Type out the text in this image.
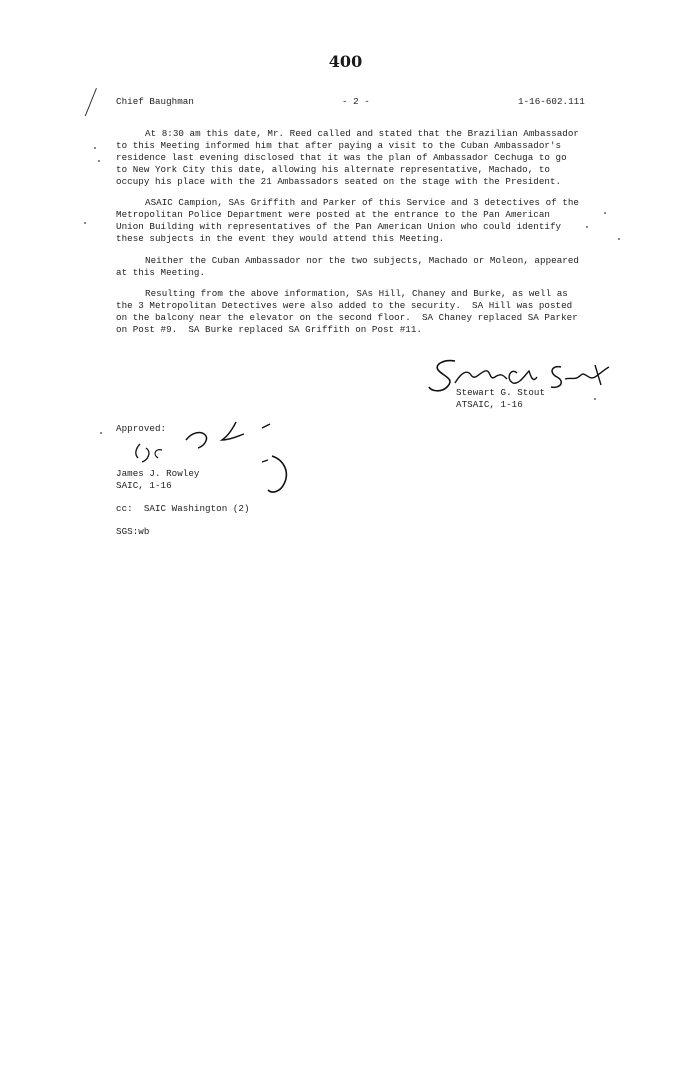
400
Chief Baughman	- 2 -	1-16-602.111
At 8:30 am this date, Mr. Reed called and stated that the Brazilian Ambassador
to this Meeting informed him that after paying a visit to the Cuban Ambassador's
residence last evening disclosed that it was the plan of Ambassador Cechuga to go
to New York City this date, allowing his alternate representative, Machado, to
occupy his place with the 21 Ambassadors seated on the stage with the President.
ASAIC Campion, SAs Griffith and Parker of this Service and 3 detectives of the
Metropolitan Police Department were posted at the entrance to the Pan American
Union Building with representatives of the Pan American Union who could identify
these subjects in the event they would attend this Meeting.
Neither the Cuban Ambassador nor the two subjects, Machado or Moleon, appeared
at this Meeting.
Resulting from the above information, SAs Hill, Chaney and Burke, as well as
the 3 Metropolitan Detectives were also added to the security.  SA Hill was posted
on the balcony near the elevator on the second floor.  SA Chaney replaced SA Parker
on Post #9.  SA Burke replaced SA Griffith on Post #11.
Stewart G. Stout
ATSAIC, 1-16
Approved:
James J. Rowley
SAIC, 1-16
cc:  SAIC Washington (2)
SGS:wb
